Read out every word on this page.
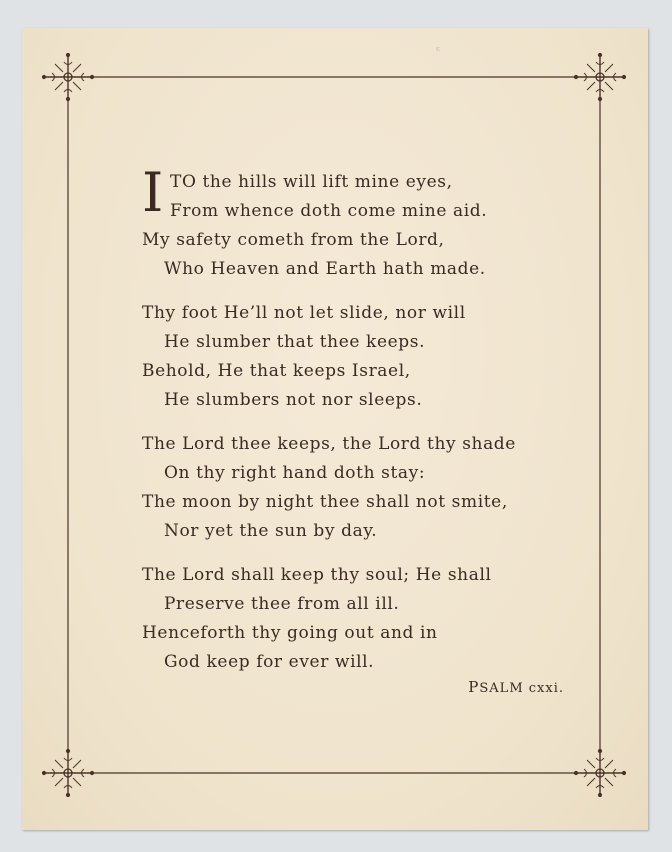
ᵋ
I TO the hills will lift mine eyes,
From whence doth come mine aid.
My safety cometh from the Lord,
Who Heaven and Earth hath made.
Thy foot He’ll not let slide, nor will
He slumber that thee keeps.
Behold, He that keeps Israel,
He slumbers not nor sleeps.
The Lord thee keeps, the Lord thy shade
On thy right hand doth stay:
The moon by night thee shall not smite,
Nor yet the sun by day.
The Lord shall keep thy soul; He shall
Preserve thee from all ill.
Henceforth thy going out and in
God keep for ever will.
PSALM cxxi.
